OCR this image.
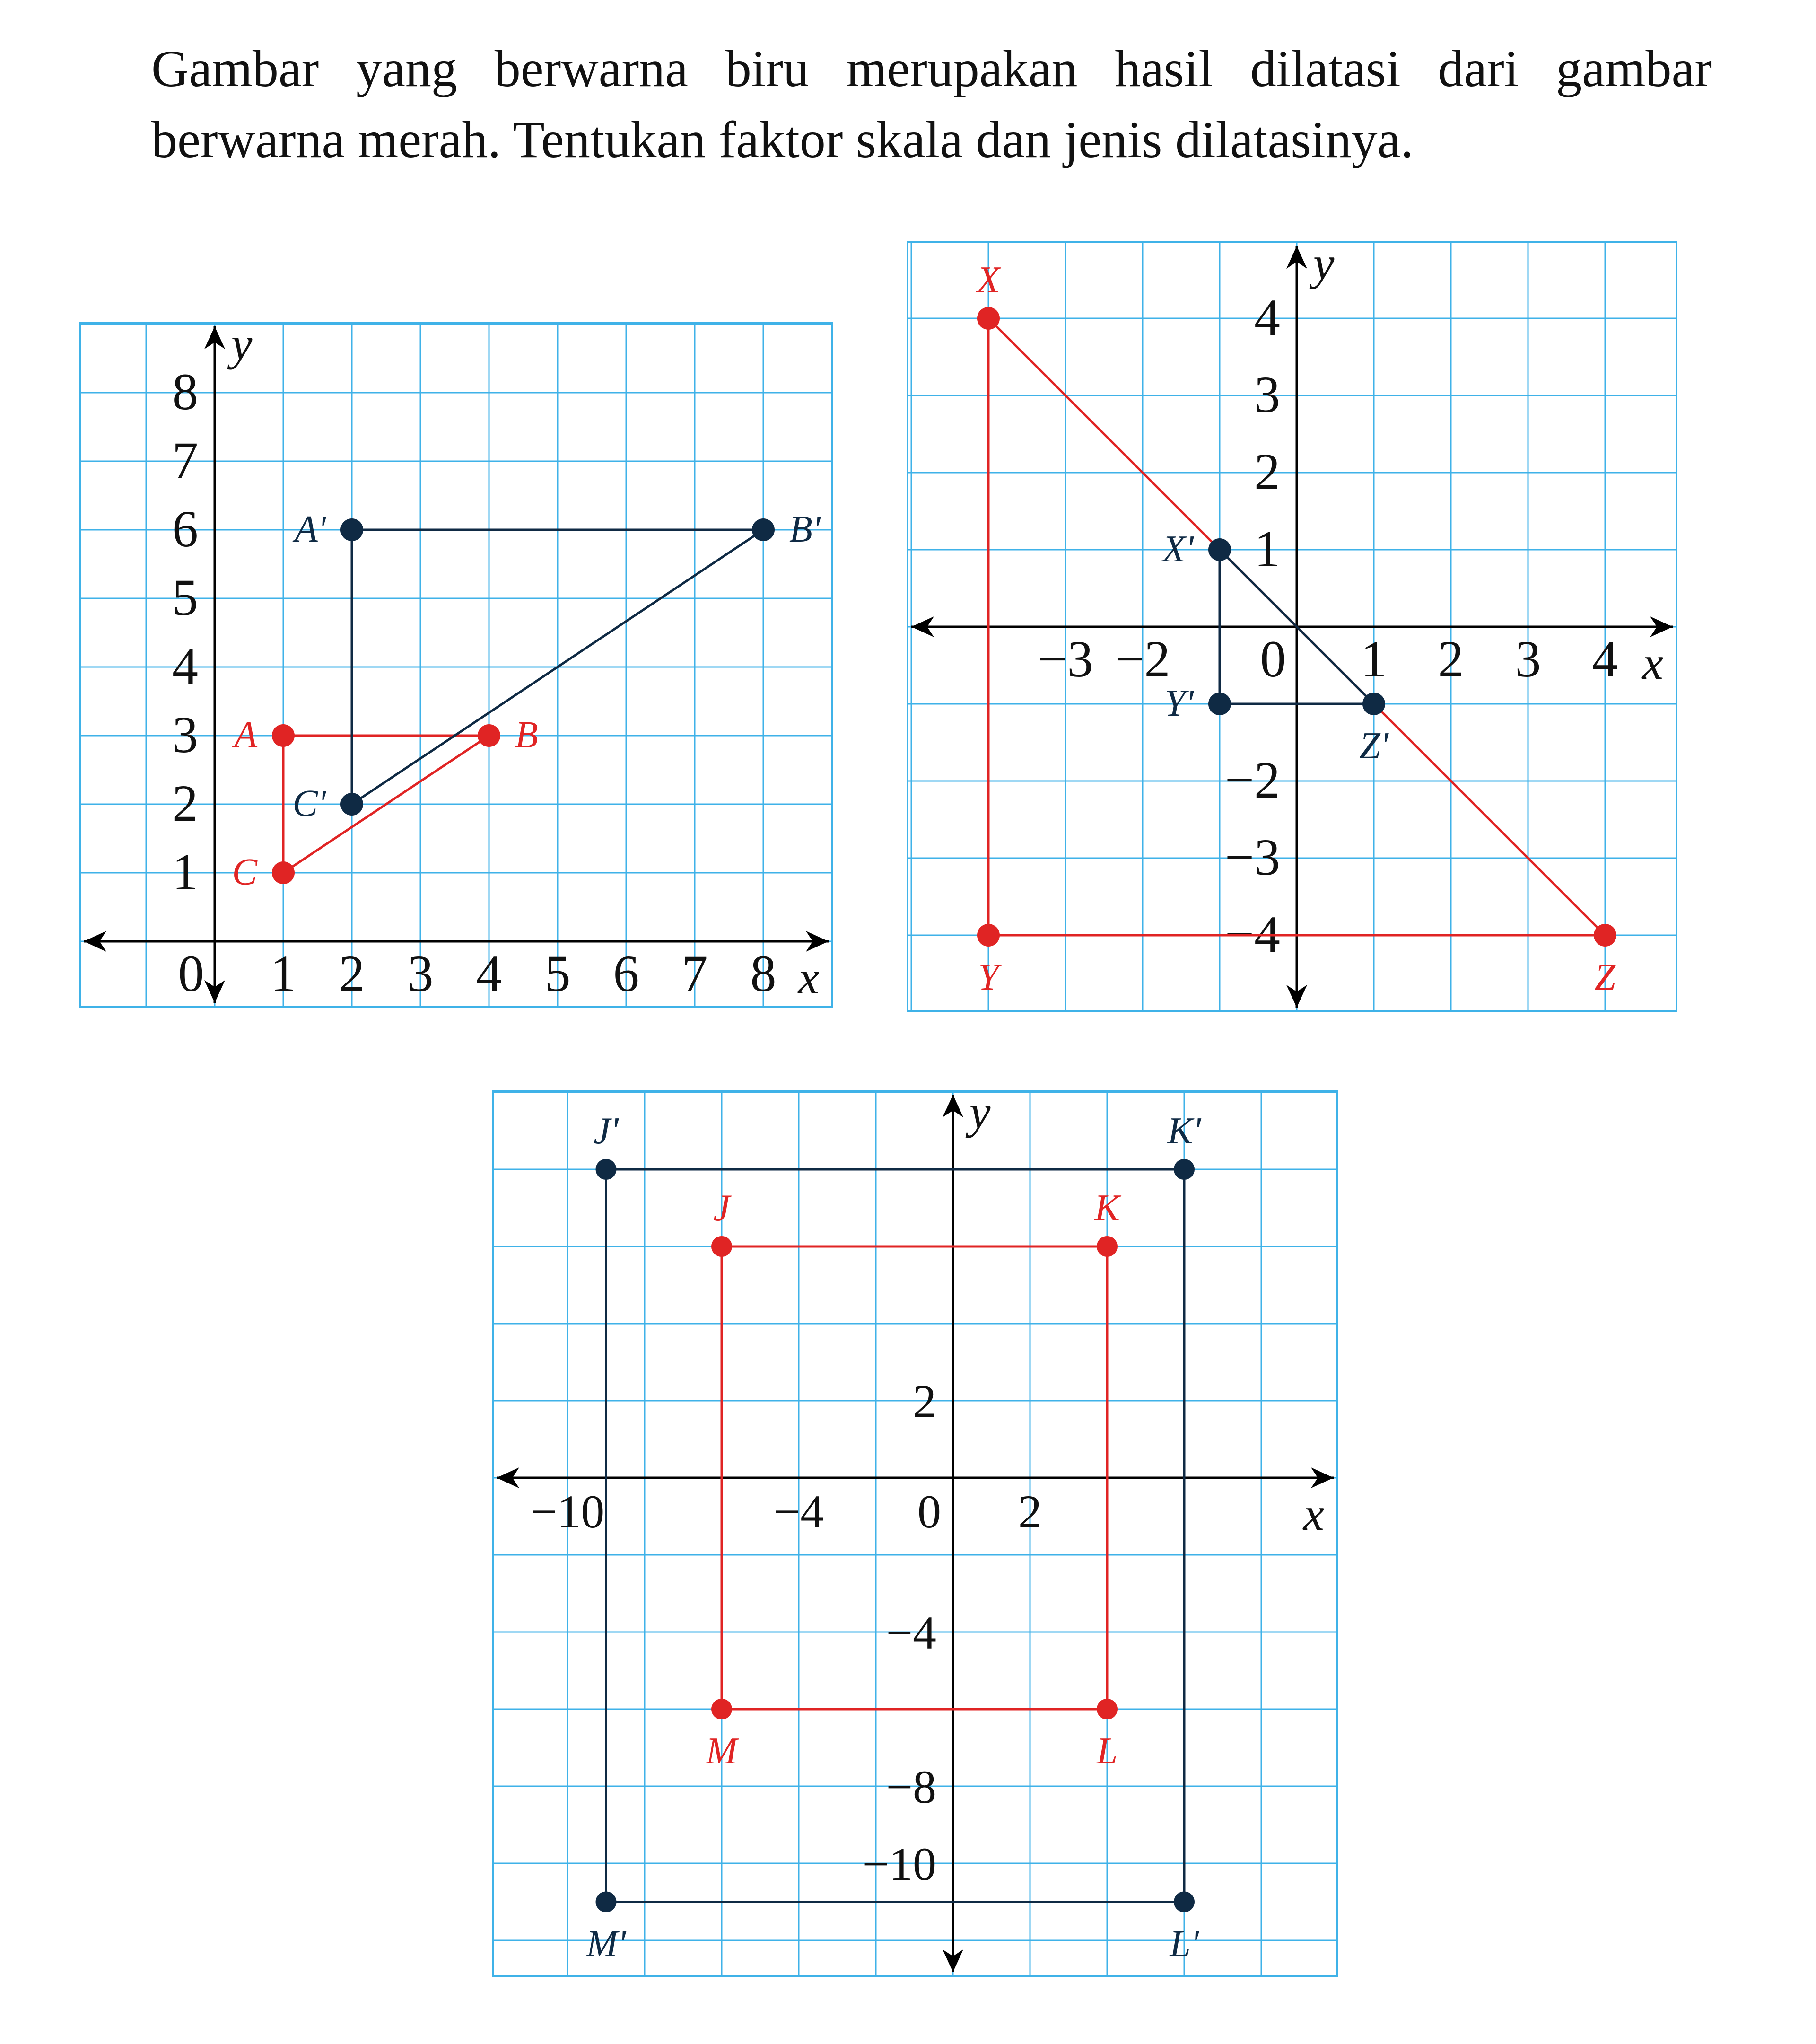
Gambar yang berwarna biru merupakan hasil dilatasi dari gambar berwarna merah. Tentukan faktor skala dan jenis dilatasinya.
x
y
0 1 2 3 4 5 6 7 8
1
2
3
4
5
6
7
8
A	B
C
A'	B'
C'
x
y
−3 −2 0 1 2 3 4
4
3
2
1
−2
−3
−4
X
Y	Z
X'
Y'
Z'
x
y
−10	−4 0 2
2
−4
−8
−10
J	K
L
M
J'	K'
L'
M'
